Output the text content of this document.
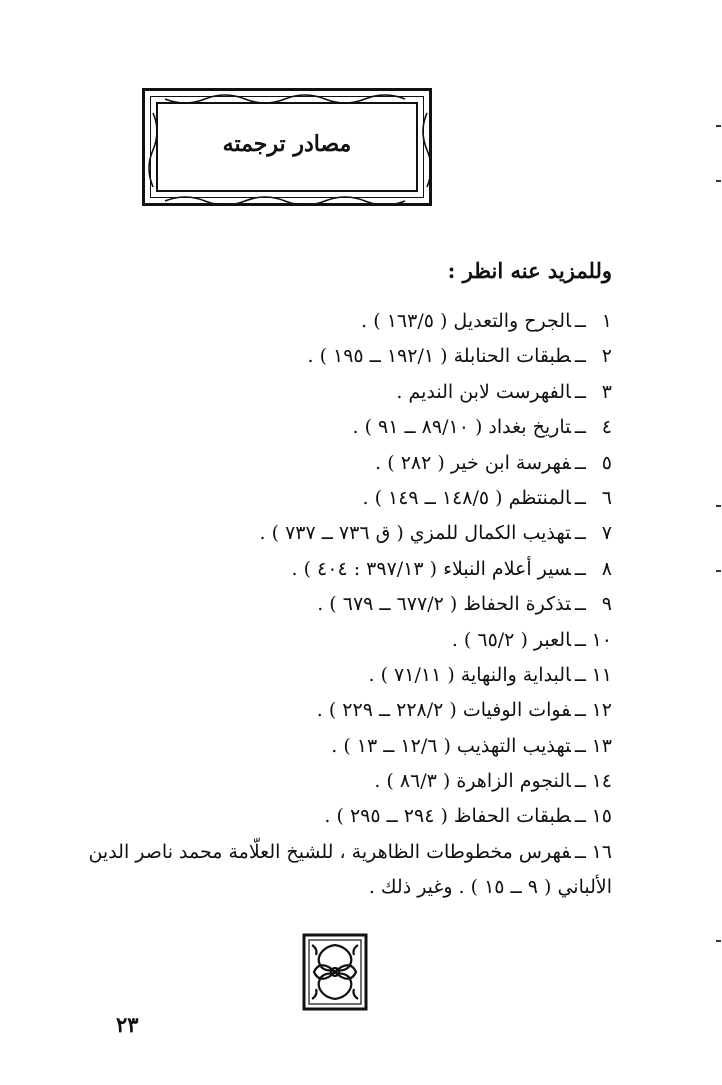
مصادر ترجمته
وللمزيد عنه انظر :
١ــالجرح والتعديل ( ١٦٣/٥ ) .
٢ــطبقات الحنابلة ( ١٩٢/١ ــ ١٩٥ ) .
٣ــالفهرست لابن النديم .
٤ــتاريخ بغداد ( ٨٩/١٠ ــ ٩١ ) .
٥ــفهرسة ابن خير ( ٢٨٢ ) .
٦ــالمنتظم ( ١٤٨/٥ ــ ١٤٩ ) .
٧ــتهذيب الكمال للمزي ( ق ٧٣٦ ــ ٧٣٧ ) .
٨ــسير أعلام النبلاء ( ٣٩٧/١٣ : ٤٠٤ ) .
٩ــتذكرة الحفاظ ( ٦٧٧/٢ ــ ٦٧٩ ) .
١٠ــالعبر ( ٦٥/٢ ) .
١١ــالبداية والنهاية ( ٧١/١١ ) .
١٢ــفوات الوفيات ( ٢٢٨/٢ ــ ٢٢٩ ) .
١٣ــتهذيب التهذيب ( ١٢/٦ ــ ١٣ ) .
١٤ــالنجوم الزاهرة ( ٨٦/٣ ) .
١٥ــطبقات الحفاظ ( ٢٩٤ ــ ٢٩٥ ) .
١٦ــفهرس مخطوطات الظاهرية ، للشيخ العلّامة محمد ناصر الدين الألباني ( ٩ ــ ١٥ ) . وغير ذلك .
٢٣
